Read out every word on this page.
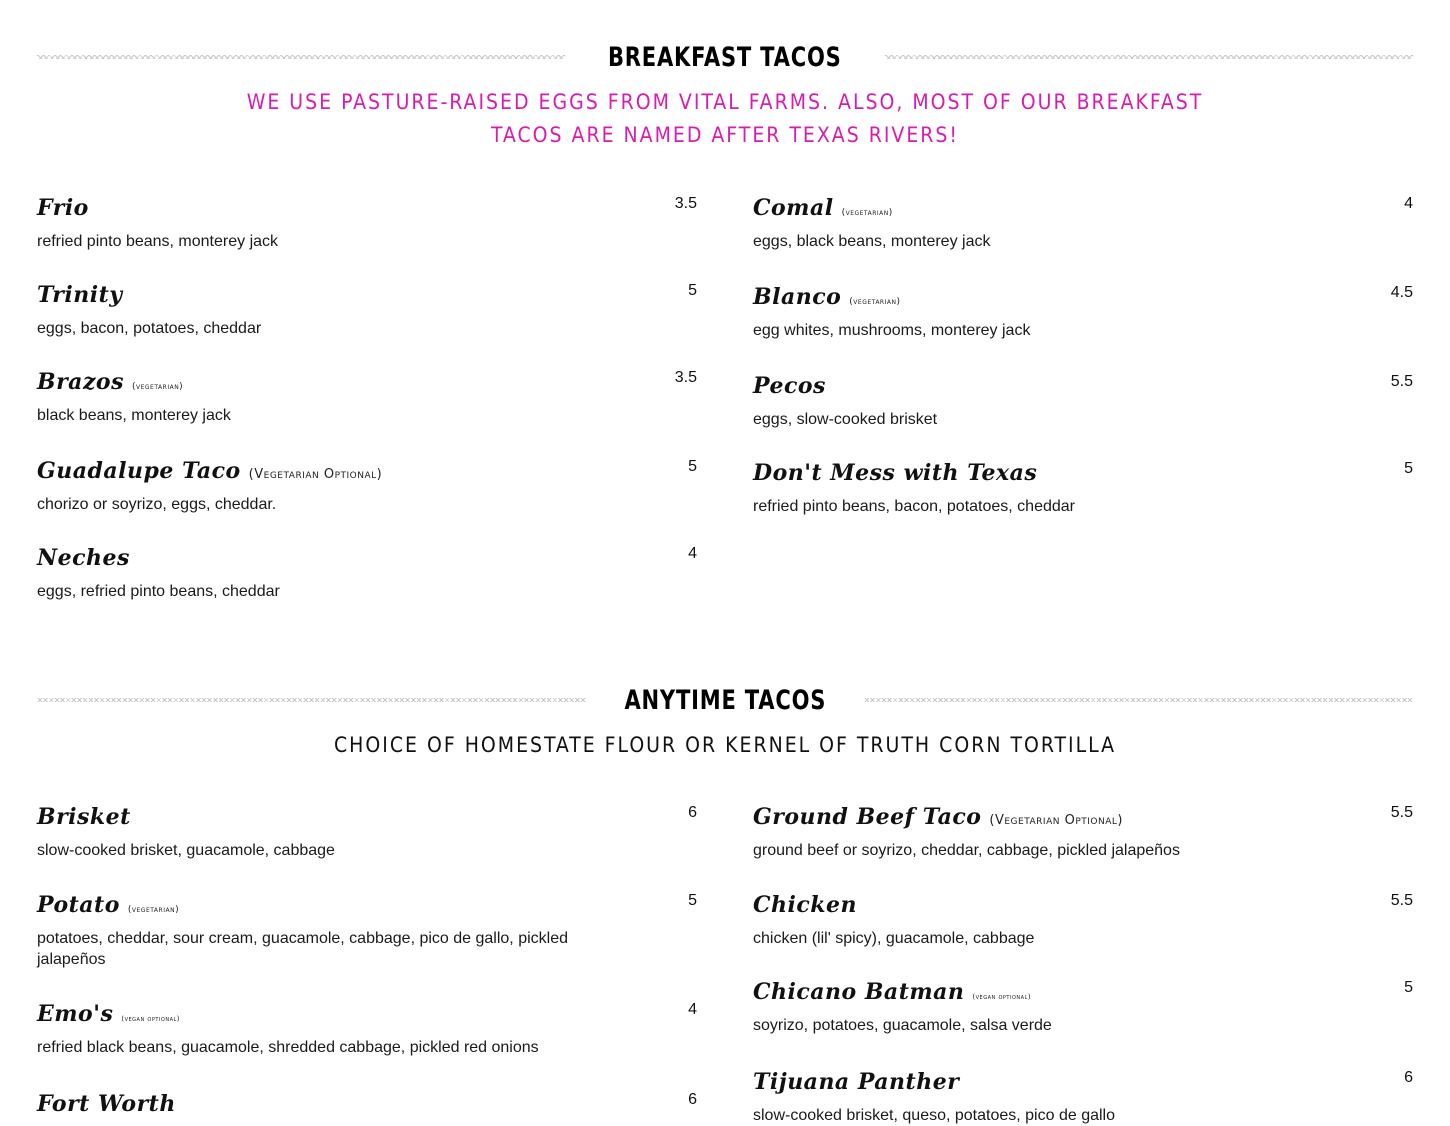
BREAKFAST TACOS
WE USE PASTURE-RAISED EGGS FROM VITAL FARMS. ALSO, MOST OF OUR BREAKFAST TACOS ARE NAMED AFTER TEXAS RIVERS!
Frio	3.5
refried pinto beans, monterey jack
Trinity	5
eggs, bacon, potatoes, cheddar
Brazos (vegetarian)
3.5
black beans, monterey jack
Guadalupe Taco (Vegetarian Optional)	5
chorizo or soyrizo, eggs, cheddar.
Neches	4
eggs, refried pinto beans, cheddar
Comal (vegetarian)
4
eggs, black beans, monterey jack
Blanco (vegetarian)
4.5
egg whites, mushrooms, monterey jack
Pecos	5.5
eggs, slow-cooked brisket
Don't Mess with Texas	5
refried pinto beans, bacon, potatoes, cheddar
ANYTIME TACOS
CHOICE OF HOMESTATE FLOUR OR KERNEL OF TRUTH CORN TORTILLA
Brisket	6
slow-cooked brisket, guacamole, cabbage
Potato (vegetarian)
5
potatoes, cheddar, sour cream, guacamole, cabbage, pico de gallo, pickled jalapeños
Emo's (vegan optional)
4
refried black beans, guacamole, shredded cabbage, pickled red onions
Fort Worth	6
Ground Beef Taco (Vegetarian Optional)	5.5
ground beef or soyrizo, cheddar, cabbage, pickled jalapeños
Chicken	5.5
chicken (lil' spicy), guacamole, cabbage
Chicano Batman (vegan optional)
5
soyrizo, potatoes, guacamole, salsa verde
Tijuana Panther	6
slow-cooked brisket, queso, potatoes, pico de gallo
